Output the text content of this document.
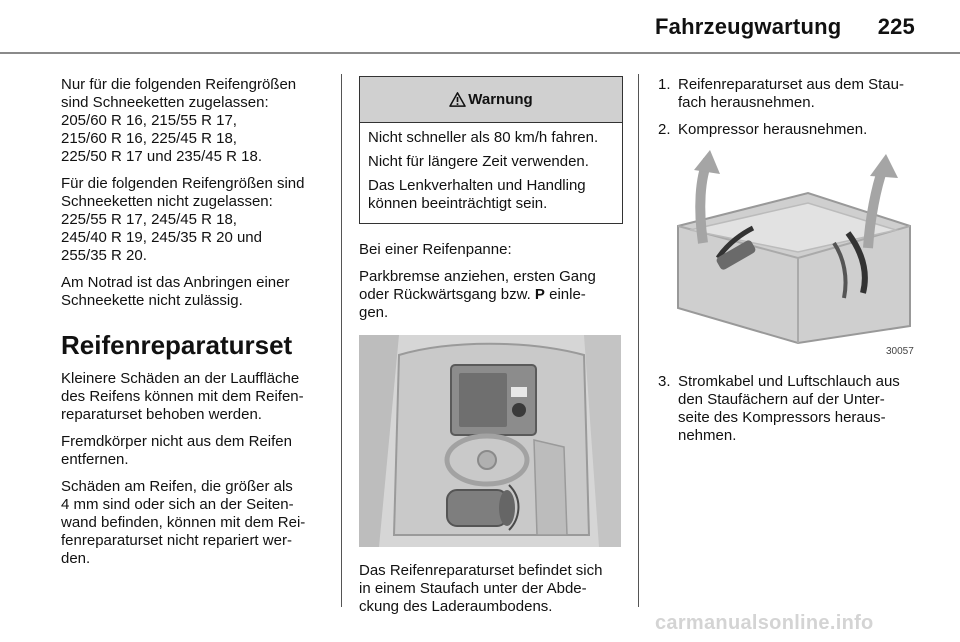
Fahrzeugwartung 225

Nur für die folgenden Reifengrößen
sind Schneeketten zugelassen:
205/60 R 16, 215/55 R 17,
215/60 R 16, 225/45 R 18,
225/50 R 17 und 235/45 R 18.

Für die folgenden Reifengrößen sind
Schneeketten nicht zugelassen:
225/55 R 17, 245/45 R 18,
245/40 R 19, 245/35 R 20 und
255/35 R 20.

Am Notrad ist das Anbringen einer
Schneekette nicht zulässig.

Reifenreparaturset

Kleinere Schäden an der Lauffläche
des Reifens können mit dem Reifen-
reparaturset behoben werden.

Fremdkörper nicht aus dem Reifen
entfernen.

Schäden am Reifen, die größer als
4 mm sind oder sich an der Seiten-
wand befinden, können mit dem Rei-
fenreparaturset nicht repariert wer-
den.

Warnung

Nicht schneller als 80 km/h fahren.

Nicht für längere Zeit verwenden.

Das Lenkverhalten und Handling
können beeinträchtigt sein.

Bei einer Reifenpanne:

Parkbremse anziehen, ersten Gang
oder Rückwärtsgang bzw. P einle-
gen.

Das Reifenreparaturset befindet sich
in einem Staufach unter der Abde-
ckung des Laderaumbodens.

1. Reifenreparaturset aus dem Stau-
fach herausnehmen.
2. Kompressor herausnehmen.
30057
3. Stromkabel und Luftschlauch aus
den Staufächern auf der Unter-
seite des Kompressors heraus-
nehmen.
carmanualsonline.info
